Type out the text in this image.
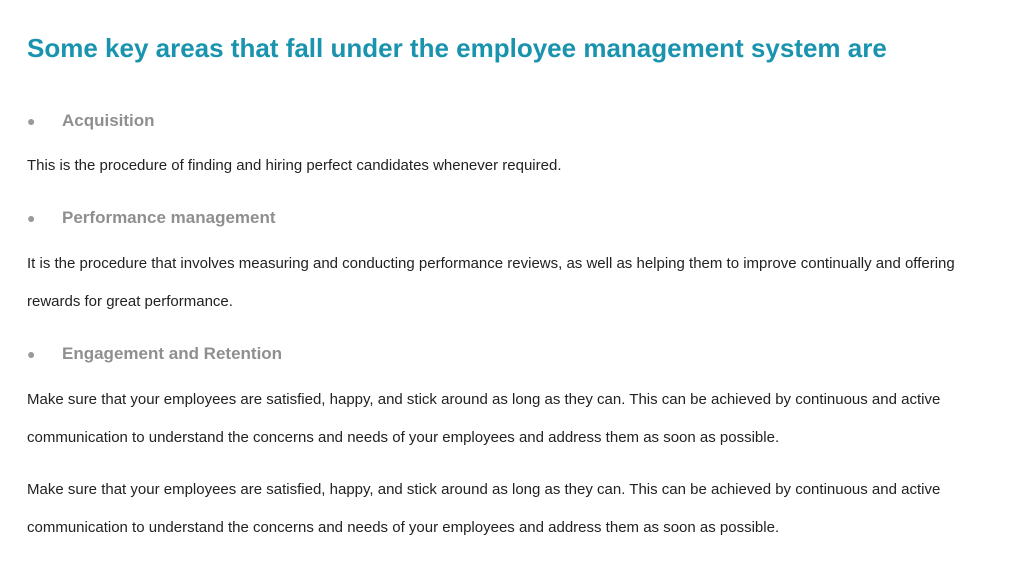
Some key areas that fall under the employee management system are
●	Acquisition

This is the procedure of finding and hiring perfect candidates whenever required.

●	Performance management

It is the procedure that involves measuring and conducting performance reviews, as well as helping them to improve continually and offering rewards for great performance.

●	Engagement and Retention

Make sure that your employees are satisfied, happy, and stick around as long as they can. This can be achieved by continuous and active communication to understand the concerns and needs of your employees and address them as soon as possible.

Make sure that your employees are satisfied, happy, and stick around as long as they can. This can be achieved by continuous and active communication to understand the concerns and needs of your employees and address them as soon as possible.
